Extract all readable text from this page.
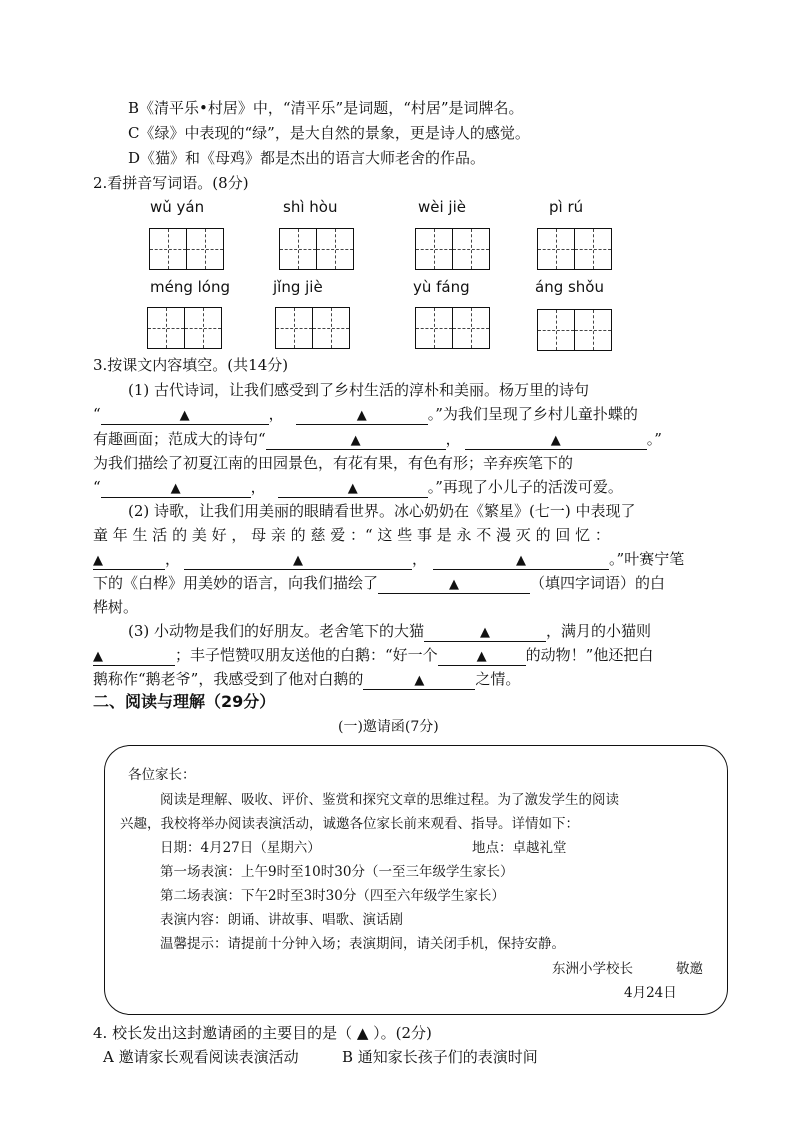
B《清平乐•村居》中，“清平乐”是词题，“村居”是词牌名。
C《绿》中表现的“绿”，是大自然的景象，更是诗人的感觉。
D《猫》和《母鸡》都是杰出的语言大师老舍的作品。
2.看拼音写词语。(8分)
wǔ yán	shì hòu	wèi jiè	pì rú
méng lóng	jǐng jiè	yù fáng	áng shǒu
3.按课文内容填空。(共14分)
(1) 古代诗词，让我们感受到了乡村生活的淳朴和美丽。杨万里的诗句
“	▲	，	▲	。”为我们呈现了乡村儿童扑蝶的
有趣画面；范成大的诗句“	▲	，	▲	。”
为我们描绘了初夏江南的田园景色，有花有果，有色有形；辛弃疾笔下的
“	▲	，	▲	。”再现了小儿子的活泼可爱。
(2) 诗歌，让我们用美丽的眼睛看世界。冰心奶奶在《繁星》(七一) 中表现了
童 年 生 活 的 美 好 ， 母 亲 的 慈 爱 ：“ 这 些 事 是 永 不 漫 灭 的 回 忆 ：
▲	，	▲	，	▲	。”叶赛宁笔
下的《白桦》用美妙的语言，向我们描绘了	▲	（填四字词语）的白
桦树。
(3) 小动物是我们的好朋友。老舍笔下的大猫	▲	，满月的小猫则
▲	；丰子恺赞叹朋友送他的白鹅：“好一个	▲	的动物！”他还把白
鹅称作“鹅老爷”，我感受到了他对白鹅的	▲	之情。
二、阅读与理解（29分）
(一)邀请函(7分)
各位家长：
阅读是理解、吸收、评价、鉴赏和探究文章的思维过程。为了激发学生的阅读
兴趣，我校将举办阅读表演活动，诚邀各位家长前来观看、指导。详情如下：
日期：4月27日（星期六）	地点：卓越礼堂
第一场表演：上午9时至10时30分（一至三年级学生家长）
第二场表演：下午2时至3时30分（四至六年级学生家长）
表演内容：朗诵、讲故事、唱歌、演话剧
温馨提示：请提前十分钟入场；表演期间，请关闭手机，保持安静。
东洲小学校长	敬邀
4月24日
4. 校长发出这封邀请函的主要目的是（ ▲ ）。(2分)
A 邀请家长观看阅读表演活动	B 通知家长孩子们的表演时间
